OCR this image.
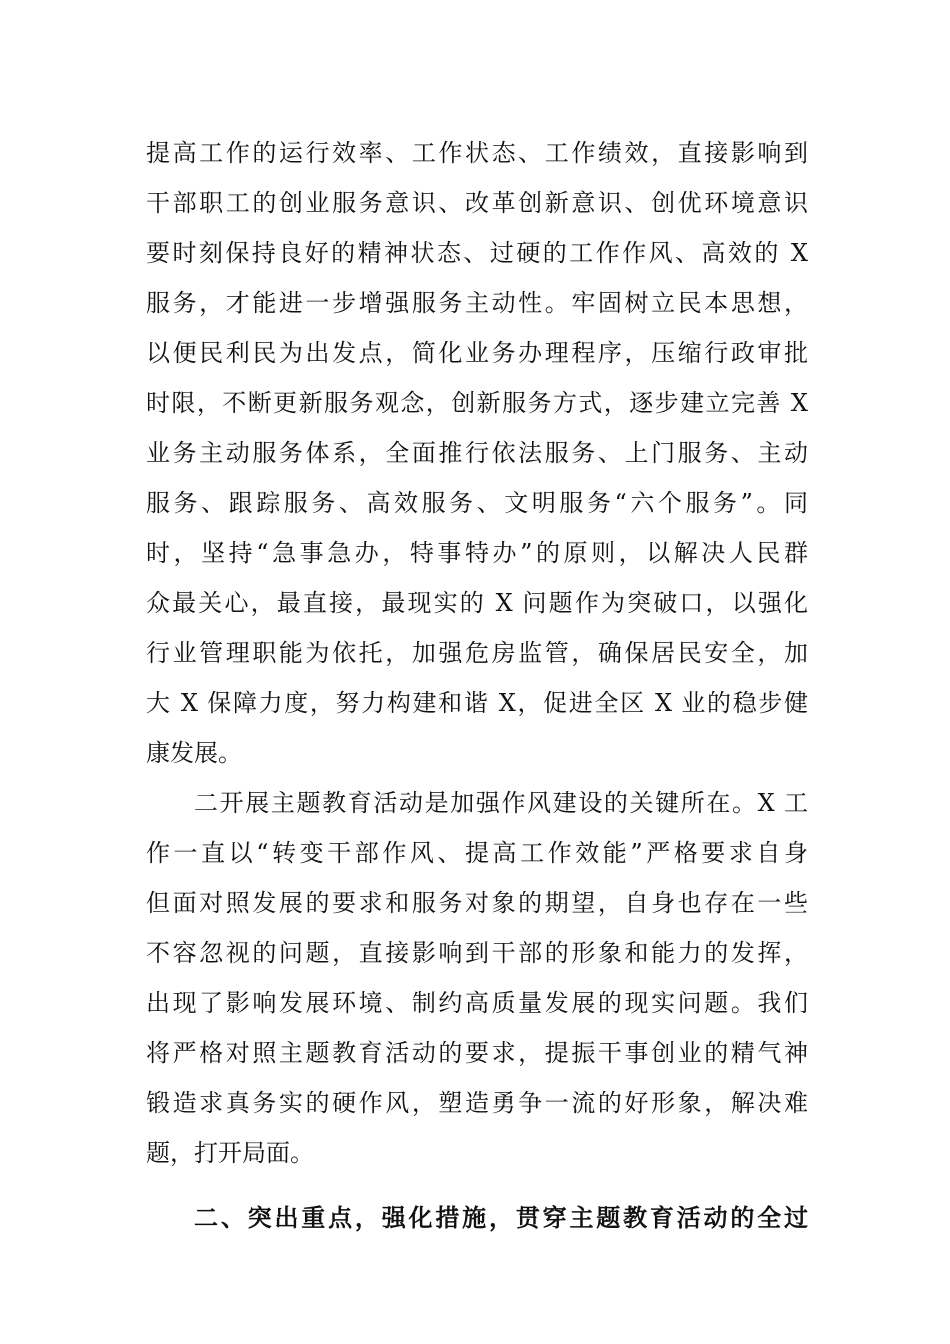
提高工作的运行效率、工作状态、工作绩效，直接影响到
干部职工的创业服务意识、改革创新意识、创优环境意识
要时刻保持良好的精神状态、过硬的工作作风、高效的 X
服务，才能进一步增强服务主动性。牢固树立民本思想，
以便民利民为出发点，简化业务办理程序，压缩行政审批
时限，不断更新服务观念，创新服务方式，逐步建立完善 X
业务主动服务体系，全面推行依法服务、上门服务、主动
服务、跟踪服务、高效服务、文明服务“六个服务”。同
时，坚持“急事急办，特事特办”的原则，以解决人民群
众最关心，最直接，最现实的 X 问题作为突破口，以强化
行业管理职能为依托，加强危房监管，确保居民安全，加
大 X 保障力度，努力构建和谐 X，促进全区 X 业的稳步健
康发展。
二开展主题教育活动是加强作风建设的关键所在。X 工
作一直以“转变干部作风、提高工作效能”严格要求自身
但面对照发展的要求和服务对象的期望，自身也存在一些
不容忽视的问题，直接影响到干部的形象和能力的发挥，
出现了影响发展环境、制约高质量发展的现实问题。我们
将严格对照主题教育活动的要求，提振干事创业的精气神
锻造求真务实的硬作风，塑造勇争一流的好形象，解决难
题，打开局面。
二、突出重点，强化措施，贯穿主题教育活动的全过
